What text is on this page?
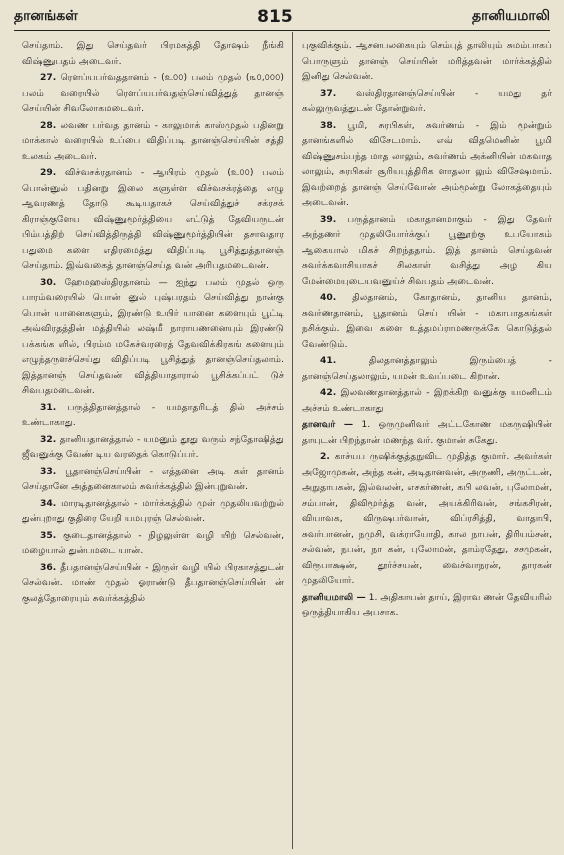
தானங்கள்	815	தானியமாலி

செய்தாம். இது செய்தவர் பிரமகத்தி தோஷம் நீங்கி விஷ்ணுபதம் அடைவர்.

27. ரௌப்யபர்வததானம் - (உ௦௦) பலம் முதல் (௩௦,௦௦௦) பலம் வரையில் ரௌப்யபர்வதஞ்செய்வித்துத் தானஞ் செய்யின் சிவலோகமடைவர்.

28. லவண பர்வத தானம் - காலுமாக் காஸ்முதல் பதினறு மாக்கால் வரையில் உப்பை விதிப்படி தானஞ்செய்யின் சத்தி உலகம் அடைவர்.

29. விச்வசக்ரதானம் - ஆயிரம் முதல் (உ௦௦) பலம் பொன்னுல் பதினறு இலை களுள்ள விச்வசக்ரத்தை எழு ஆவரணத் தோடு கூடியதாகச் செய்வித்துச் சக்ரசக் கிராஞ்குளேய விஷ்ணுமூர்த்தியை எட்டுத் தேவியருடன் பிம்பத்திற் செய்வித்திருத்தி விஷ்ணுமூர்த்தியின் தசாவதார பதுமை களை எதிரமைத்து விதிப்படி பூசித்துத்தானஞ் செய்தாம். இவ்வகைத் தானஞ்செய்த வன் அரிபதமடைவன்.

30. ஹேமஹஸ்திரதானம் — ஐந்து பலம் முதல் ஒரு பாரம்வரையில் பொன் னுல் புஷ்பரதம் செய்வித்து நான்கு பொன் யானைகளும், இரண்டு உயிர் யானை களையும் பூட்டி அவ்விரதத்தின் மத்தியில் லஷ்மீ நாராயணனையும் இரண்டு பக்கங்க ளில், பிரம்ம மகேச்வரரைத் தேவவிக்கிரகங் களையும் எழுந்தருளச்செய்து விதிப்படி பூசித்துத் தானஞ்செய்தலாம். இத்தானஞ் செய்தவன் வித்தியாதாரால் பூசிக்கப்பட் டுச் சிவபதமடைவன்.

31. பருத்திதானத்தால் - யமதாதரிடத் தில் அச்சம் உண்டாகாது.

32. தானியதானத்தால் - யமனும் தூது வரும் சந்தோஷித்து ஜீவனுக்கு வேண் டிய வரதைக் கொடுப்பர்.

33. பூதானஞ்செய்யின் - எத்தனை அடி கள் தானம் செய்தானே அத்தனைகாலம் சுவர்க்கத்தில் இன்புறுவன்.

34. மாரடிதானத்தால் - மார்க்கத்தில் முள் முதலியவற்றுல் துன்புறாது குதிரை யேறி யமபுரஞ் செல்வன்.

35. குடைதானத்தால் - நிழலுள்ள வழி யிற் செல்வன், மழையால் துன்பமடை யான்.

36. தீபதானஞ்செய்யின் - இருள் வழி யில் பிரகாசத்துடன் செல்வன். மாண் முதல் ஓராண்டு தீபதானஞ்செய்யின் ன் குலத்தோரையும் சுவர்க்கத்தில்

புகுவிக்கும். ஆசனபலகையும் செம்புத் தாலியும் சுமம்பாகப் பொருளும் தானஞ் செய்யின் மரித்தவன் மார்க்கத்தில் இனிது செல்வன்.

37. வஸ்திரதானஞ்செய்யின் - யமது தர் கல்லுருவத்துடன் தோன்றுவர்.

38. பூமி, சுரபிகள், சுவர்ணம் - இம் மூன்றும் தானங்களில் விசேடமாம். எவ் விதமெனின் பூமி விஷ்ணுசம்பந்த மாத லாலும், சுவர்ணம் அக்னியின் மகவாத லாலும், சுரபிகள் சூரியபுத்திரிக ளாதலா லும் விசேஷமாம். இவற்றைத் தானஞ் செய்வோன் அம்மூன்று லோகத்தையும் அடைவன்.

39. பருத்தானம் மகாதானமாகும் - இது தேவர் அந்தணர் முதலியோர்க்குப் பூணூற்கு உபயோகம் ஆகையால் மிகச் சிறந்ததாம். இத் தானம் செய்தவன் சுவர்க்கவாசியாகச் சிலகாள் வசித்து அழ கிய மேன்மையுடையவனுய்ச் சிவபதம் அடைவன்.

40. திலதானம், கோதானம், தானிய தானம், சுவர்ணதானம், பூதானம் செய் யின் - மகாபாதகங்கள் நசிக்கும். இவை களை உத்தமப்ராமணருக்கே கொடுத்தல் வேண்டும்.

41.	திலதானத்தாலும் இரும்பைத் - தானஞ்செய்தலாலும், யமன் உவப்படை கிறான்.

42. இலவணதானத்தால் - இறக்கிற வனுக்கு யமனிடம் அச்சம் உண்டாகாது

தானவர் — 1. ஒருமுனிவர் அட்டகோண மகருஷியின் தாயுடன் பிறந்தான் மணந்த வர். குமான் சுகேது.

2. காச்யப ருஷிக்குத்தநுவிட முதித்த குமார். அவர்கள் அஜோமுகன், அந்த கன், அடிதானவன், அருணி, அருட்டன், அநுதாபகன், இல்வலன், எசகர்ணன், கபி லவன், புலோமன், சம்பான், திவிமூர்த்த வன், அயக்கிரிவன், சங்கசிரன், வியாவக, விருஷபர்வான், விப்ரசித்தி, வாதாபி, சுவர்பானன், நமுசி, வக்ராயோதி, கால நாபன், திரியம்சன், சல்வன், நபன், நா கன், புலோமன், தாம்ரதேது, சசமுகன், விரூபாக்ஷன், தூர்ச்சயன், வைச்வாநரன், தாரகன் முதலியோர்.

தானியமாலி — 1. அதிகாயன் தாய், இராவ ணன் தேவியரில் ஒருத்தியாகிய அபசாக.
